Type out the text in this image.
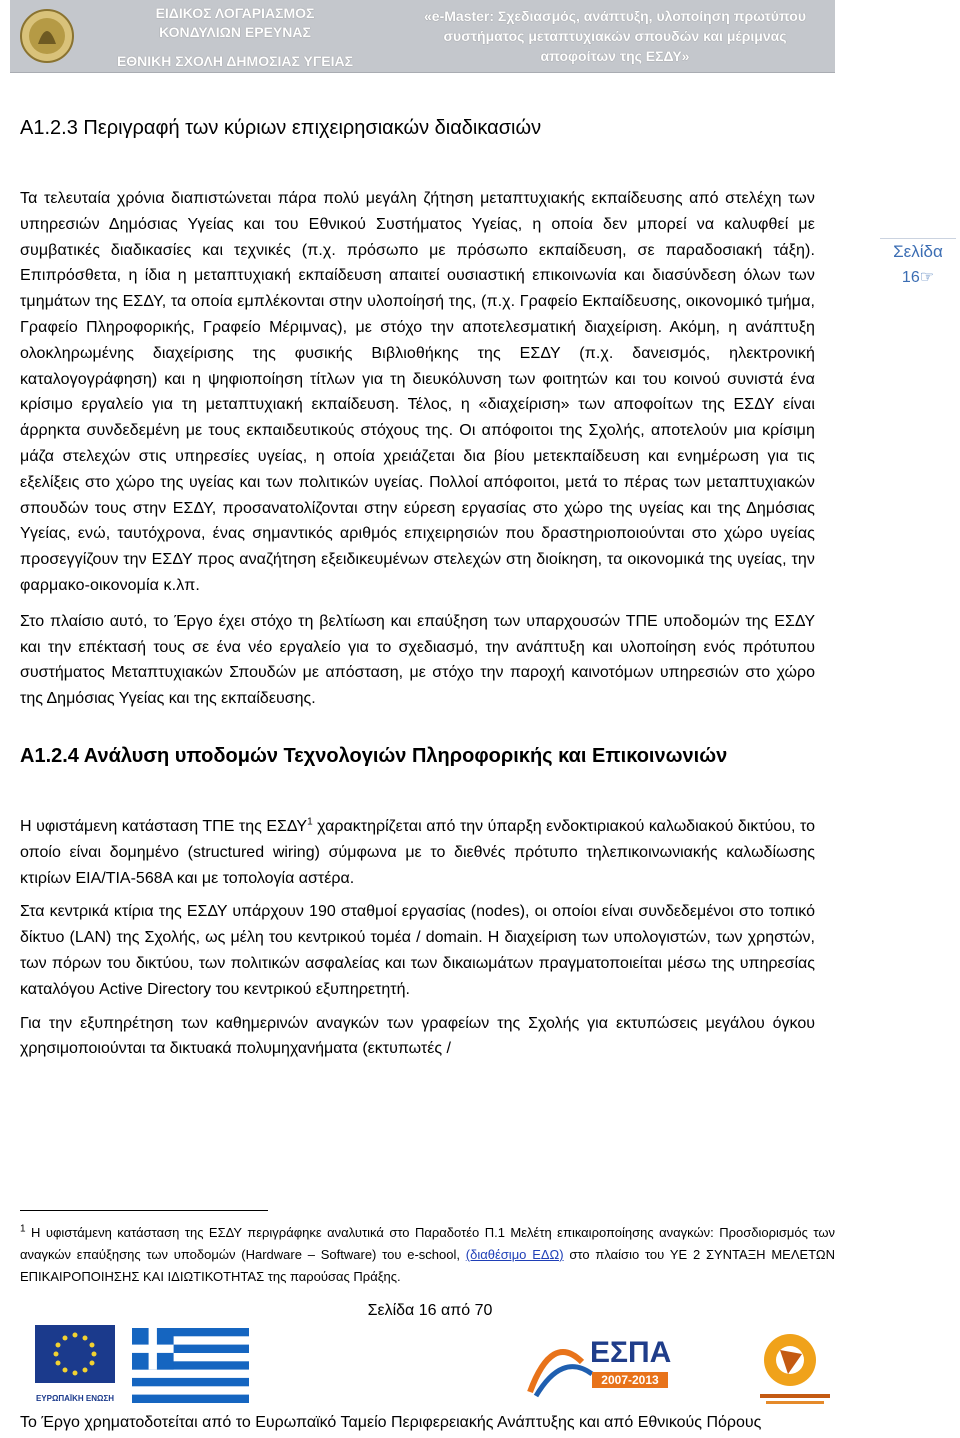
ΕΙΔΙΚΟΣ ΛΟΓΑΡΙΑΣΜΟΣ
ΚΟΝΔΥΛΙΩΝ ΕΡΕΥΝΑΣ
ΕΘΝΙΚΗ ΣΧΟΛΗ ΔΗΜΟΣΙΑΣ ΥΓΕΙΑΣ
«e-Master: Σχεδιασμός, ανάπτυξη, υλοποίηση πρωτύπου
συστήματος μεταπτυχιακών σπουδών και μέριμνας
αποφοίτων της ΕΣΔΥ»
Σελίδα
16☞
Α1.2.3 Περιγραφή των κύριων επιχειρησιακών διαδικασιών

Τα τελευταία χρόνια διαπιστώνεται πάρα πολύ μεγάλη ζήτηση μεταπτυχιακής εκπαίδευσης από στελέχη των υπηρεσιών Δημόσιας Υγείας και του Εθνικού Συστήματος Υγείας, η οποία δεν μπορεί να καλυφθεί με συμβατικές διαδικασίες και τεχνικές (π.χ. πρόσωπο με πρόσωπο εκπαίδευση, σε παραδοσιακή τάξη). Επιπρόσθετα, η ίδια η μεταπτυχιακή εκπαίδευση απαιτεί ουσιαστική επικοινωνία και διασύνδεση όλων των τμημάτων της ΕΣΔΥ, τα οποία εμπλέκονται στην υλοποίησή της, (π.χ. Γραφείο Εκπαίδευσης, οικονομικό τμήμα, Γραφείο Πληροφορικής, Γραφείο Μέριμνας), με στόχο την αποτελεσματική διαχείριση. Ακόμη, η ανάπτυξη ολοκληρωμένης διαχείρισης της φυσικής Βιβλιοθήκης της ΕΣΔΥ (π.χ. δανεισμός, ηλεκτρονική καταλογογράφηση) και η ψηφιοποίηση τίτλων για τη διευκόλυνση των φοιτητών και του κοινού συνιστά ένα κρίσιμο εργαλείο για τη μεταπτυχιακή εκπαίδευση. Τέλος, η «διαχείριση» των αποφοίτων της ΕΣΔΥ είναι άρρηκτα συνδεδεμένη με τους εκπαιδευτικούς στόχους της. Οι απόφοιτοι της Σχολής, αποτελούν μια κρίσιμη μάζα στελεχών στις υπηρεσίες υγείας, η οποία χρειάζεται δια βίου μετεκπαίδευση και ενημέρωση για τις εξελίξεις στο χώρο της υγείας και των πολιτικών υγείας. Πολλοί απόφοιτοι, μετά το πέρας των μεταπτυχιακών σπουδών τους στην ΕΣΔΥ, προσανατολίζονται στην εύρεση εργασίας στο χώρο της υγείας και της Δημόσιας Υγείας, ενώ, ταυτόχρονα, ένας σημαντικός αριθμός επιχειρησιών που δραστηριοποιούνται στο χώρο υγείας προσεγγίζουν την ΕΣΔΥ προς αναζήτηση εξειδικευμένων στελεχών στη διοίκηση, τα οικονομικά της υγείας, την φαρμακο-οικονομία κ.λπ.

Στο πλαίσιο αυτό, το Έργο έχει στόχο τη βελτίωση και επαύξηση των υπαρχουσών ΤΠΕ υποδομών της ΕΣΔΥ και την επέκτασή τους σε ένα νέο εργαλείο για το σχεδιασμό, την ανάπτυξη και υλοποίηση ενός πρότυπου συστήματος Μεταπτυχιακών Σπουδών με απόσταση, με στόχο την παροχή καινοτόμων υπηρεσιών στο χώρο της Δημόσιας Υγείας και της εκπαίδευσης.

Α1.2.4 Ανάλυση υποδομών Τεχνολογιών Πληροφορικής και Επικοινωνιών

Η υφιστάμενη κατάσταση ΤΠΕ της ΕΣΔΥ$^1$ χαρακτηρίζεται από την ύπαρξη ενδοκτιριακού καλωδιακού δικτύου, το οποίο είναι δομημένο (structured wiring) σύμφωνα με το διεθνές πρότυπο τηλεπικοινωνιακής καλωδίωσης κτιρίων EIA/TIA-568A και με τοπολογία αστέρα.

Στα κεντρικά κτίρια της ΕΣΔΥ υπάρχουν 190 σταθμοί εργασίας (nodes), οι οποίοι είναι συνδεδεμένοι στο τοπικό δίκτυο (LAN) της Σχολής, ως μέλη του κεντρικού τομέα / domain. Η διαχείριση των υπολογιστών, των χρηστών, των πόρων του δικτύου, των πολιτικών ασφαλείας και των δικαιωμάτων πραγματοποιείται μέσω της υπηρεσίας καταλόγου Active Directory του κεντρικού εξυπηρετητή.

Για την εξυπηρέτηση των καθημερινών αναγκών των γραφείων της Σχολής για εκτυπώσεις μεγάλου όγκου χρησιμοποιούνται τα δικτυακά πολυμηχανήματα (εκτυπωτές /

$^1$ Η υφιστάμενη κατάσταση της ΕΣΔΥ περιγράφηκε αναλυτικά στο Παραδοτέο Π.1 Μελέτη επικαιροποίησης αναγκών: Προσδιορισμός των αναγκών επαύξησης των υποδομών (Hardware – Software) του e-school, (διαθέσιμο ΕΔΩ) στο πλαίσιο του ΥΕ 2 ΣΥΝΤΑΞΗ ΜΕΛΕΤΩΝ ΕΠΙΚΑΙΡΟΠΟΙΗΣΗΣ ΚΑΙ ΙΔΙΩΤΙΚΟΤΗΤΑΣ της παρούσας Πράξης.
Σελίδα 16 από 70
ΕΥΡΩΠΑΪΚΗ ΕΝΩΣΗ
ΕΣΠΑ
2007-2013
Το Έργο χρηματοδοτείται από το Ευρωπαϊκό Ταμείο Περιφερειακής Ανάπτυξης και από Εθνικούς Πόρους
